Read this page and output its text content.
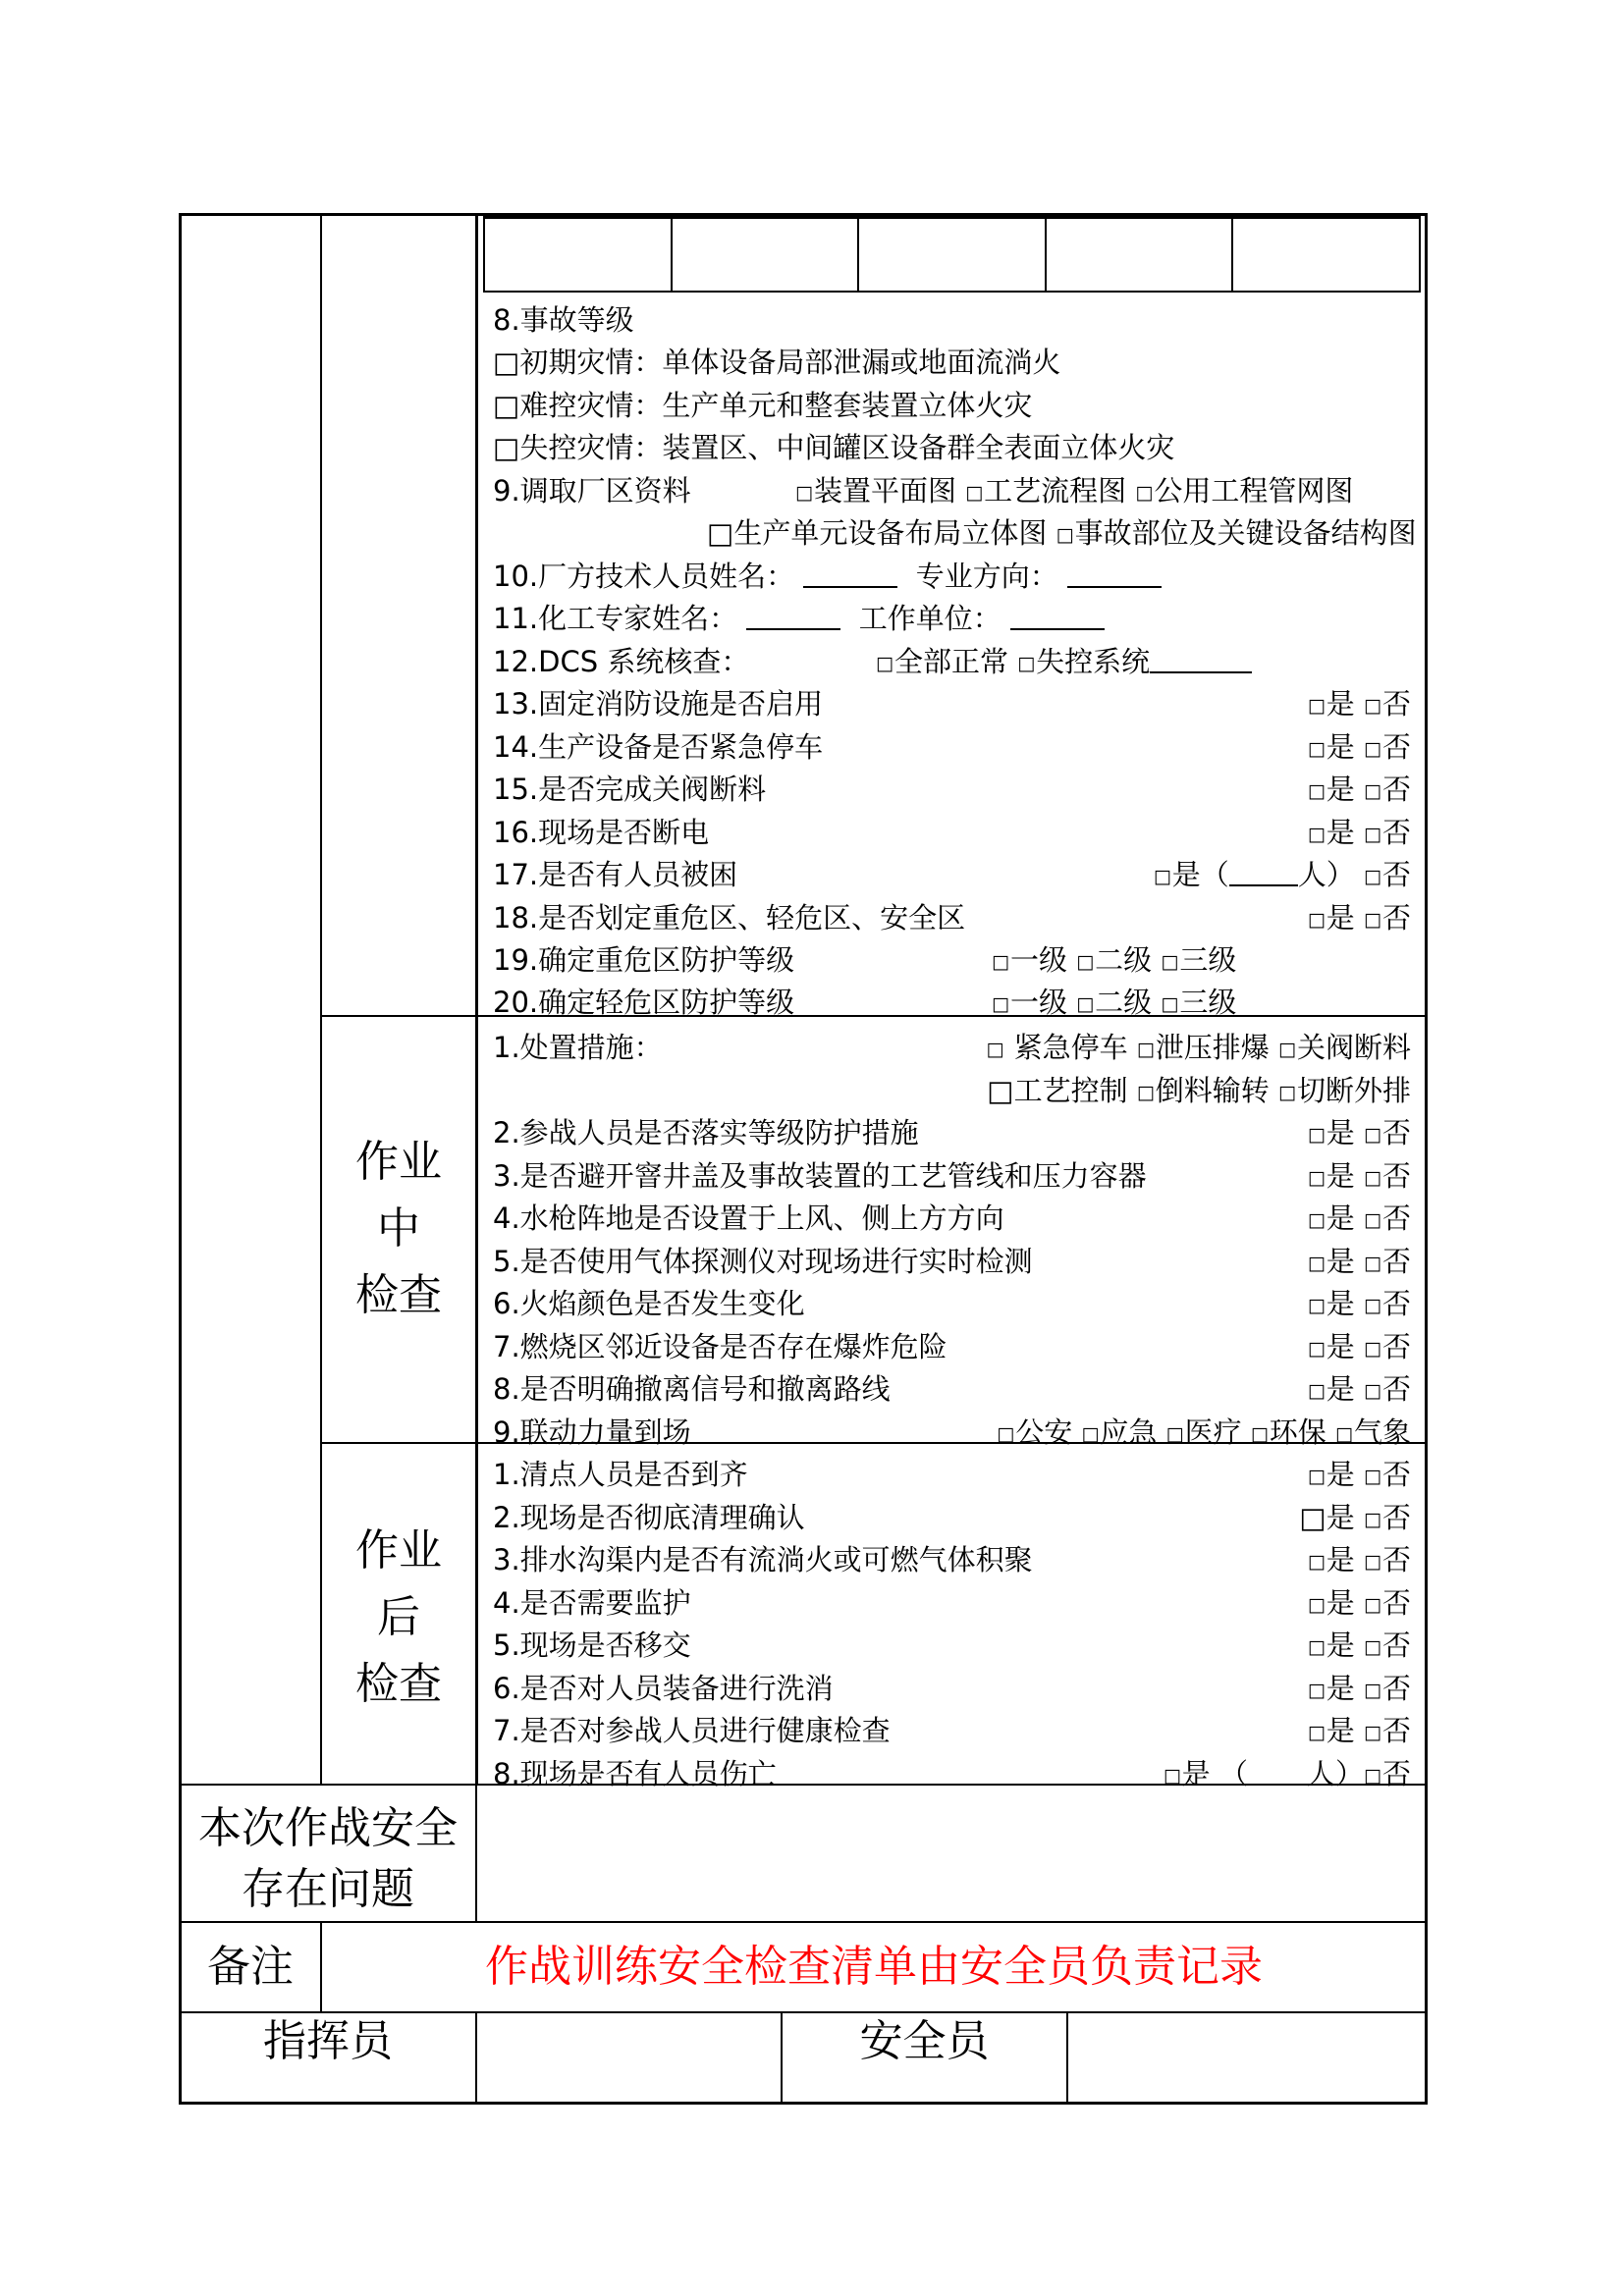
8.事故等级
□初期灾情：单体设备局部泄漏或地面流淌火
□难控灾情：生产单元和整套装置立体火灾
□失控灾情：装置区、中间罐区设备群全表面立体火灾
9.调取厂区资料	□装置平面图 □工艺流程图 □公用工程管网图
□生产单元设备布局立体图 □事故部位及关键设备结构图
10.厂方技术人员姓名：	专业方向：
11.化工专家姓名：	工作单位：
12.DCS 系统核查：	□全部正常 □失控系统
13.固定消防设施是否启用	□是 □否
14.生产设备是否紧急停车	□是 □否
15.是否完成关阀断料	□是 □否
16.现场是否断电	□是 □否
17.是否有人员被困	□是（ 人） □否
18.是否划定重危区、轻危区、安全区	□是 □否
19.确定重危区防护等级	□一级 □二级 □三级
20.确定轻危区防护等级	□一级 □二级 □三级
作业
中
检查
1.处置措施：	□ 紧急停车 □泄压排爆 □关阀断料
□工艺控制 □倒料输转 □切断外排
2.参战人员是否落实等级防护措施	□是 □否
3.是否避开窨井盖及事故装置的工艺管线和压力容器	□是 □否
4.水枪阵地是否设置于上风、侧上方方向	□是 □否
5.是否使用气体探测仪对现场进行实时检测	□是 □否
6.火焰颜色是否发生变化	□是 □否
7.燃烧区邻近设备是否存在爆炸危险	□是 □否
8.是否明确撤离信号和撤离路线	□是 □否
9.联动力量到场	□公安 □应急 □医疗 □环保 □气象
作业
后
检查
1.清点人员是否到齐	□是 □否
2.现场是否彻底清理确认	□是 □否
3.排水沟渠内是否有流淌火或可燃气体积聚	□是 □否
4.是否需要监护	□是 □否
5.现场是否移交	□是 □否
6.是否对人员装备进行洗消	□是 □否
7.是否对参战人员进行健康检查	□是 □否
8.现场是否有人员伤亡	□是 （ 人）□否
本次作战安全
存在问题
备注	作战训练安全检查清单由安全员负责记录
指挥员	安全员
